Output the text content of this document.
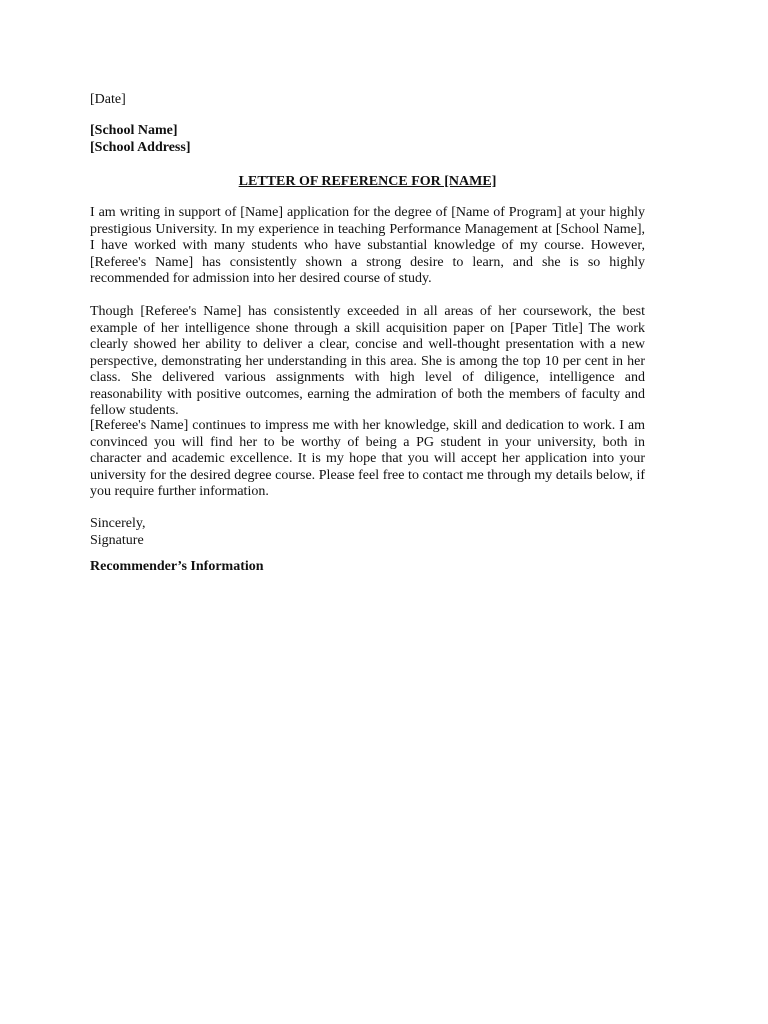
[Date]
[School Name]
[School Address]
LETTER OF REFERENCE FOR [NAME]

I am writing in support of [Name] application for the degree of [Name of Program] at your highly prestigious University. In my experience in teaching Performance Management at [School Name], I have worked with many students who have substantial knowledge of my course. However, [Referee's Name] has consistently shown a strong desire to learn, and she is so highly recommended for admission into her desired course of study.

Though [Referee's Name] has consistently exceeded in all areas of her coursework, the best example of her intelligence shone through a skill acquisition paper on [Paper Title] The work clearly showed her ability to deliver a clear, concise and well-thought presentation with a new perspective, demonstrating her understanding in this area. She is among the top 10 per cent in her class. She delivered various assignments with high level of diligence, intelligence and reasonability with positive outcomes, earning the admiration of both the members of faculty and fellow students.

[Referee's Name] continues to impress me with her knowledge, skill and dedication to work. I am convinced you will find her to be worthy of being a PG student in your university, both in character and academic excellence. It is my hope that you will accept her application into your university for the desired degree course. Please feel free to contact me through my details below, if you require further information.

Sincerely,
Signature
Recommender’s Information
